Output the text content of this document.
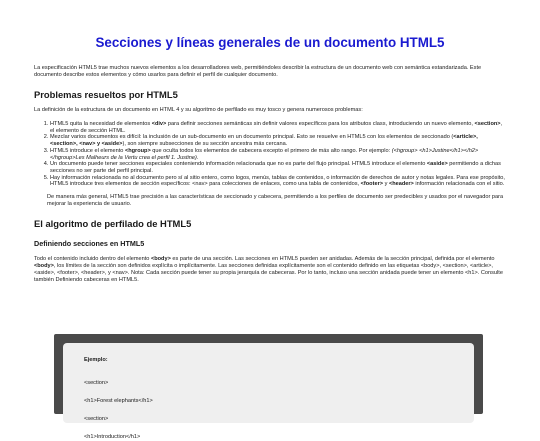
Secciones y líneas generales de un documento HTML5

La especificación HTML5 trae muchos nuevos elementos a los desarrolladores web, permitiéndoles describir la estructura de un documento web con semántica estandarizada. Este documento describe estos elementos y cómo usarlos para definir el perfil de cualquier documento.

Problemas resueltos por HTML5

La definición de la estructura de un documento en HTML 4 y su algoritmo de perfilado es muy tosco y genera numerosos problemas:

1. HTML5 quita la necesidad de elementos <div> para definir secciones semánticas sin definir valores específicos para los atributos class, introduciendo un nuevo elemento, <section>, el elemento de sección HTML.
2. Mezclar varios documentos es difícil: la inclusión de un sub-documento en un documento principal. Esto se resuelve en HTML5 con los elementos de seccionado (<article>, <section>, <nav> y <aside>), son siempre subsecciones de su sección ancestra más cercana.
3. HTML5 introduce el elemento <hgroup> que oculta todos los elementos de cabecera excepto el primero de más alto rango. Por ejemplo: (<hgroup> <h1>Justine</h1></h2> </hgroup>Les Malheurs de la Vertu crea el perfil 1. Justine).
4. Un documento puede tener secciones especiales conteniendo información relacionada que no es parte del flujo principal. HTML5 introduce el elemento <aside> permitiendo a dichas secciones no ser parte del perfil principal.
5. Hay información relacionada no al documento pero sí al sitio entero, como logos, menús, tablas de contenidos, o información de derechos de autor y notas legales. Para ese propósito, HTML5 introduce tres elementos de sección específicos: <nav> para colecciones de enlaces, como una tabla de contenidos, <footer> y <header> información relacionada con el sitio.

De manera más general, HTML5 trae precisión a las características de seccionado y cabecera, permitiendo a los perfiles de documento ser predecibles y usados por el navegador para mejorar la experiencia de usuario.

El algoritmo de perfilado de HTML5
Definiendo secciones en HTML5

Todo el contenido incluido dentro del elemento <body> es parte de una sección. Las secciones en HTML5 pueden ser anidadas. Además de la sección principal, definida por el elemento <body>, los límites de la sección son definidos explícita o implícitamente. Las secciones definidas explícitamente son el contenido definido en las etiquetas <body>, <section>, <article>, <aside>, <footer>, <header>, y <nav>. Nota: Cada sección puede tener su propia jerarquía de cabeceras. Por lo tanto, incluso una sección anidada puede tener un elemento <h1>. Consulte también Definiendo cabeceras en HTML5.

Ejemplo:
<section>
<h1>Forest elephants</h1>
<section>
<h1>Introduction</h1>
